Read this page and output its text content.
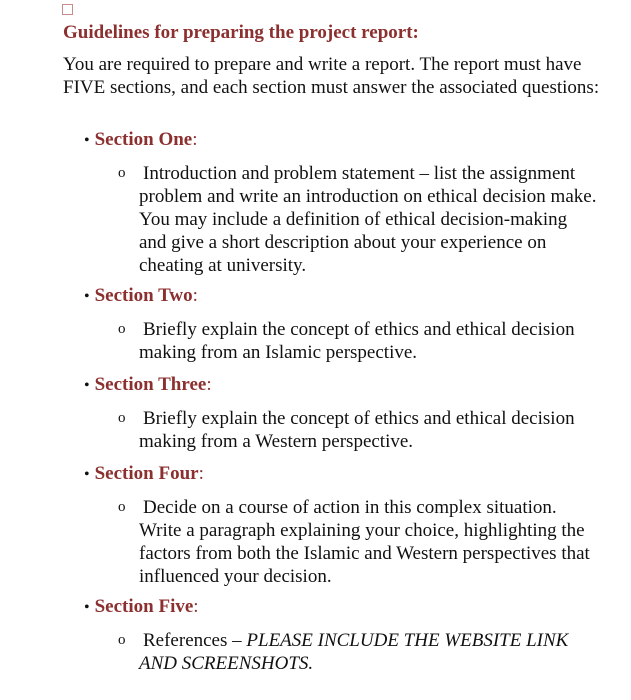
Guidelines for preparing the project report:

You are required to prepare and write a report. The report must have FIVE sections, and each section must answer the associated questions:

• Section One:
o Introduction and problem statement – list the assignment problem and write an introduction on ethical decision make. You may include a definition of ethical decision-making and give a short description about your experience on cheating at university.
• Section Two:
o Briefly explain the concept of ethics and ethical decision making from an Islamic perspective.
• Section Three:
o Briefly explain the concept of ethics and ethical decision making from a Western perspective.
• Section Four:
o Decide on a course of action in this complex situation. Write a paragraph explaining your choice, highlighting the factors from both the Islamic and Western perspectives that influenced your decision.
• Section Five:
o References – PLEASE INCLUDE THE WEBSITE LINK AND SCREENSHOTS.
